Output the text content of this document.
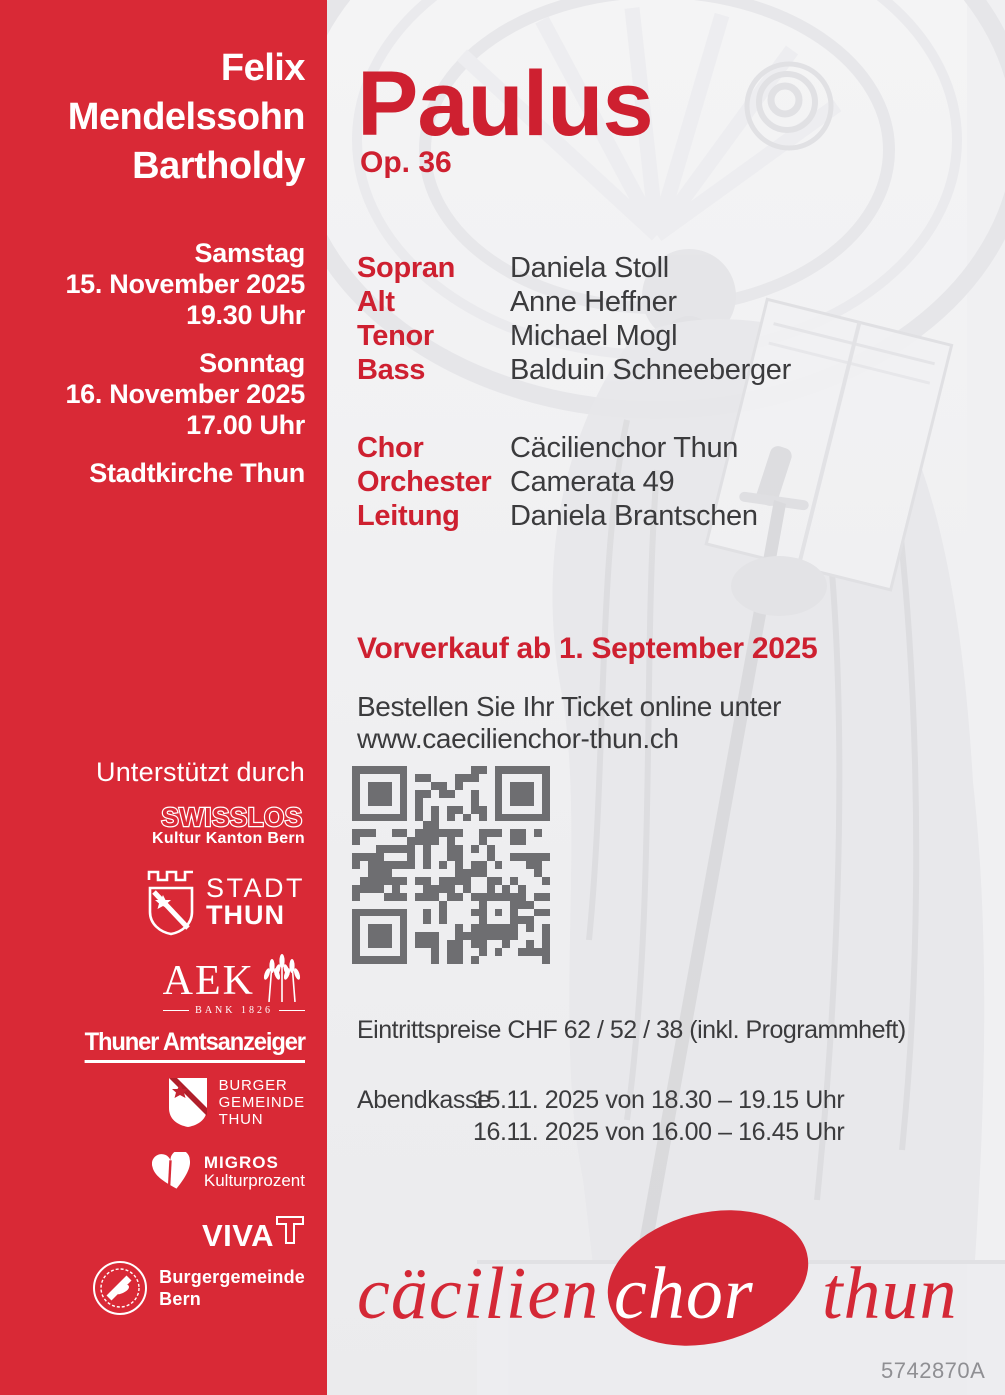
Felix
Mendelssohn
Bartholdy
Samstag
15. November 2025
19.30 Uhr
Sonntag
16. November 2025
17.00 Uhr
Stadtkirche Thun
Unterstützt durch
SWISSLOS
Kultur Kanton Bern
STADT
THUN
AEK
BANK 1826
Thuner Amtsanzeiger
BURGER
GEMEINDE
THUN
MIGROS
Kulturprozent
VIVA
Burgergemeinde
Bern
Paulus
Op. 36
Sopran	Daniela Stoll
Alt	Anne Heffner
Tenor	Michael Mogl
Bass	Balduin Schneeberger
Chor	Cäcilienchor Thun
Orchester Camerata 49
Leitung	Daniela Brantschen
Vorverkauf ab 1. September 2025
Bestellen Sie Ihr Ticket online unter
www.caecilienchor-thun.ch
Eintrittspreise CHF 62 / 52 / 38 (inkl. Programmheft)
Abendkasse
15.11. 2025 von 18.30 – 19.15 Uhr
16.11. 2025 von 16.00 – 16.45 Uhr
cäcilien chor thun
5742870A
